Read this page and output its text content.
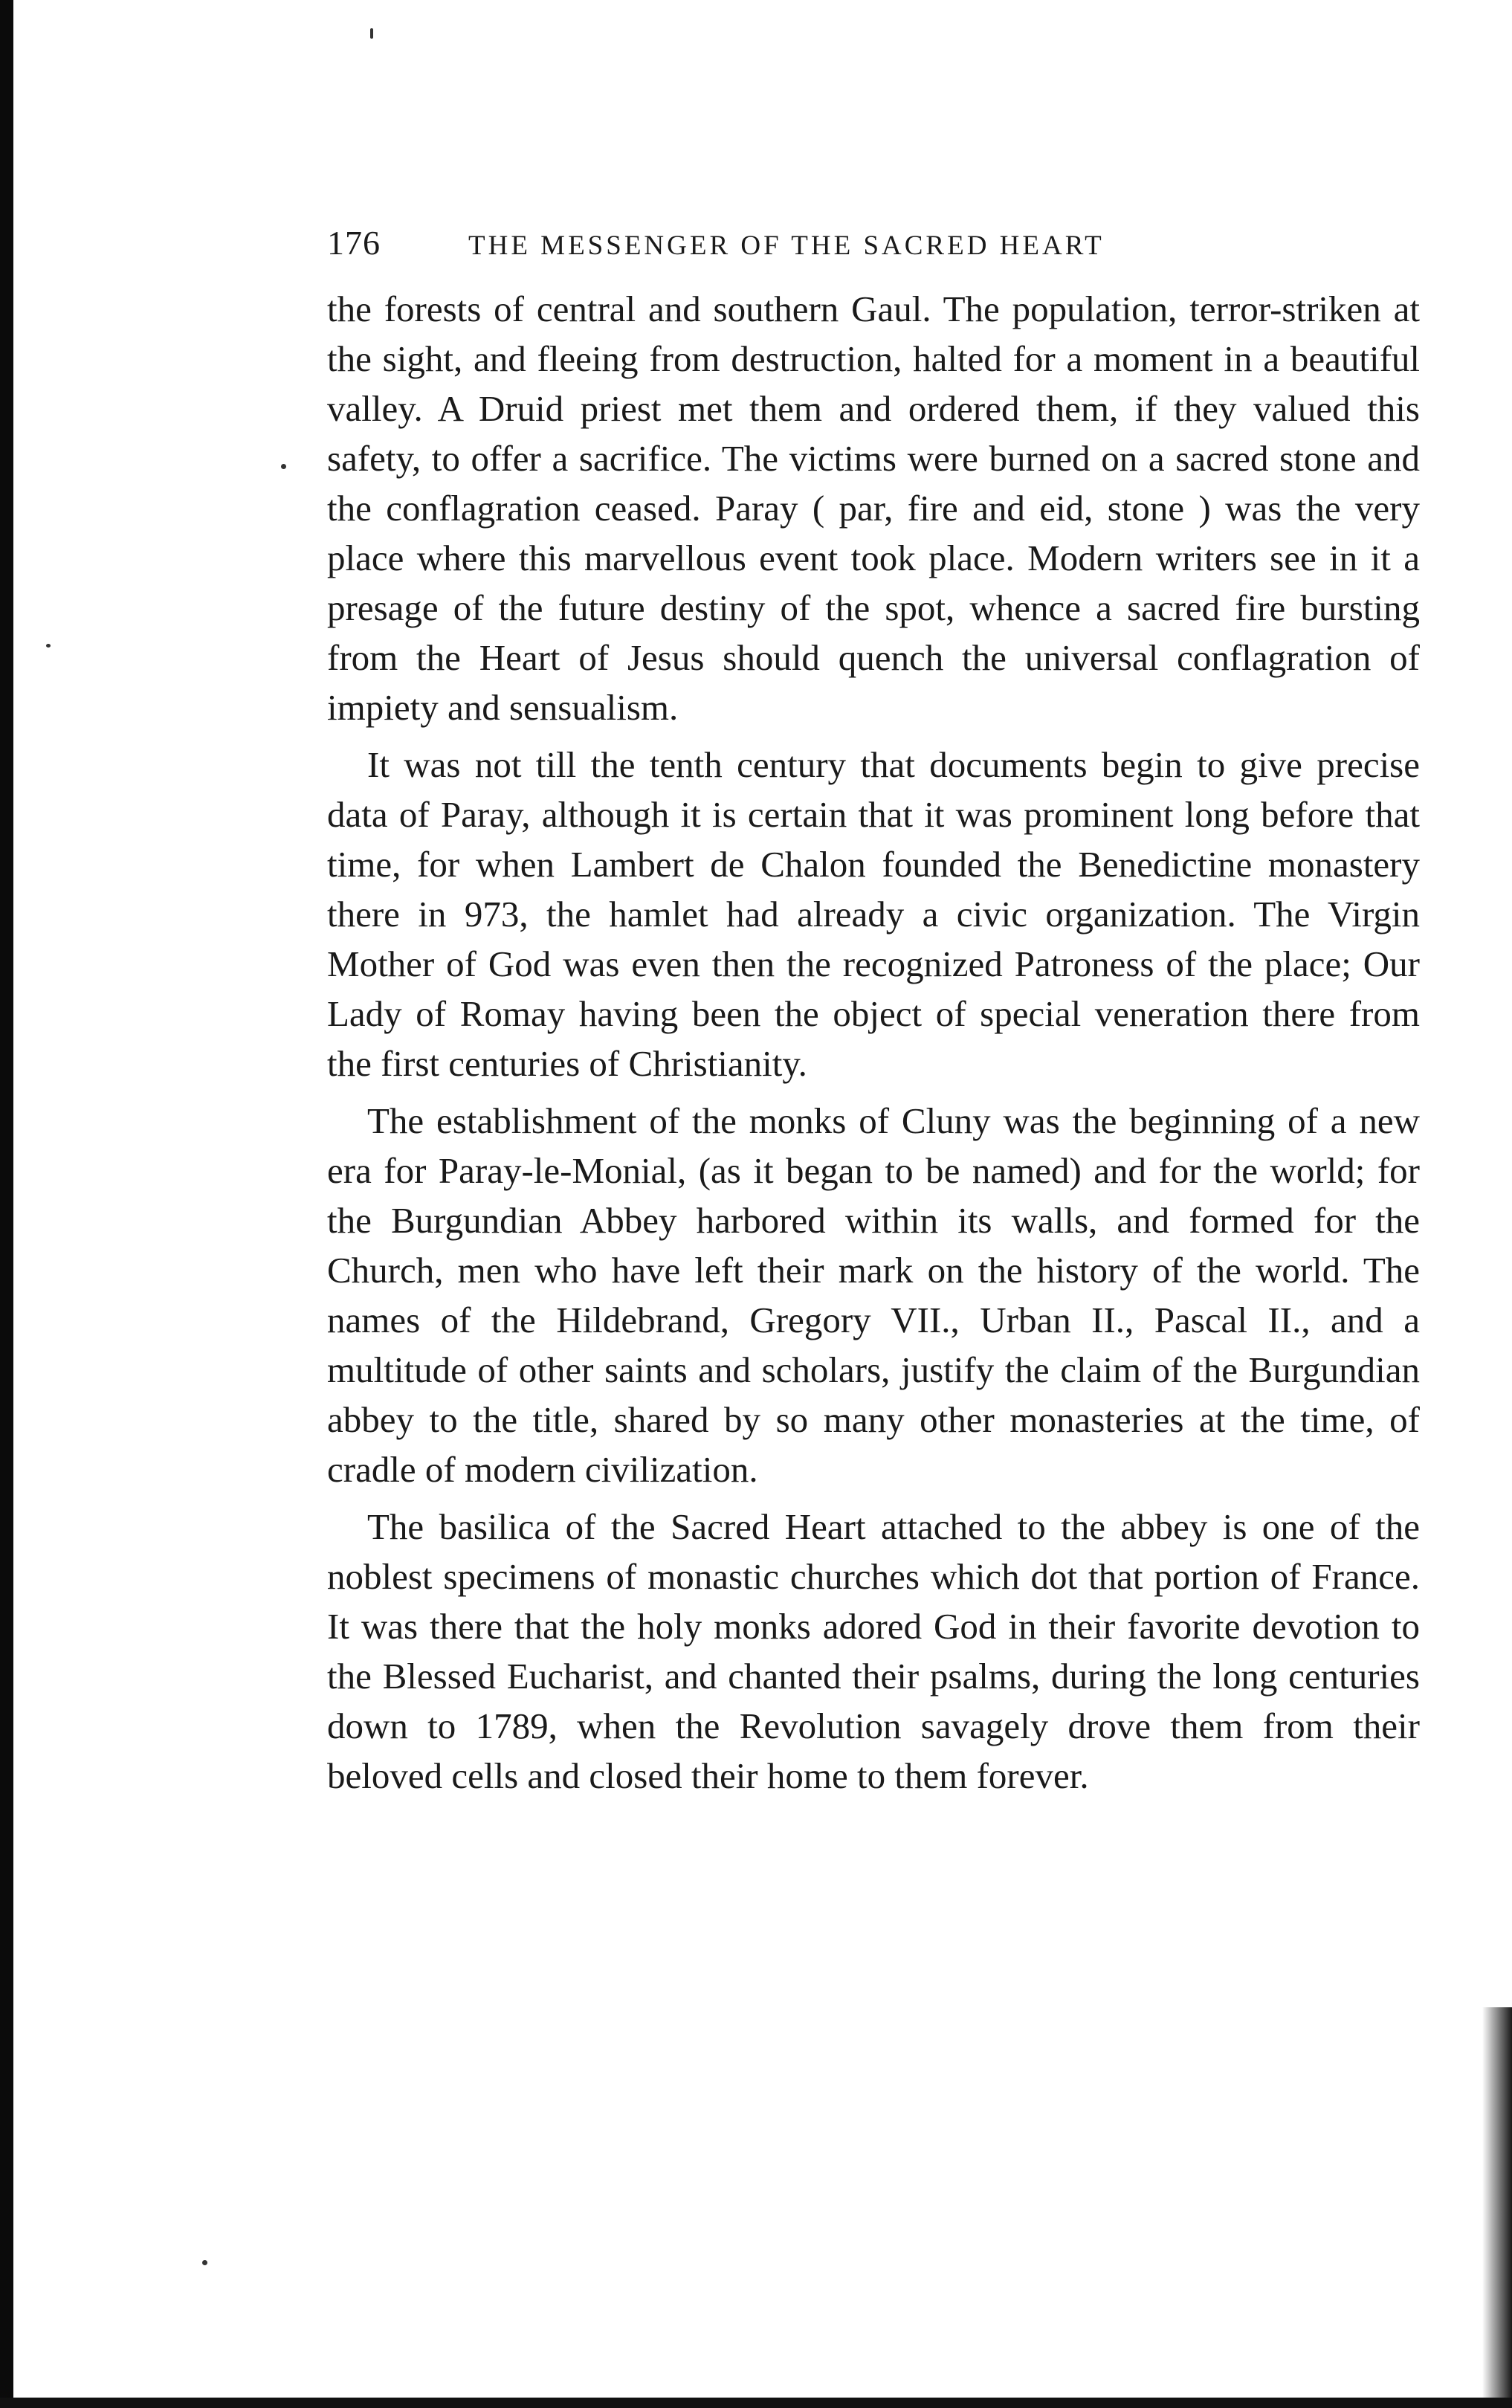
176	THE MESSENGER OF THE SACRED HEART

the forests of central and southern Gaul. The population, terror-striken at the sight, and fleeing from destruction, halted for a moment in a beautiful valley. A Druid priest met them and ordered them, if they valued this safety, to offer a sacrifice. The victims were burned on a sacred stone and the conflagration ceased. Paray ( par, fire and eid, stone ) was the very place where this marvellous event took place. Modern writers see in it a presage of the future destiny of the spot, whence a sacred fire bursting from the Heart of Jesus should quench the universal conflagration of impiety and sensualism.

It was not till the tenth century that documents begin to give precise data of Paray, although it is certain that it was prominent long before that time, for when Lambert de Chalon founded the Benedictine monastery there in 973, the hamlet had already a civic organization. The Virgin Mother of God was even then the recognized Patroness of the place; Our Lady of Romay having been the object of special veneration there from the first centuries of Christianity.

The establishment of the monks of Cluny was the beginning of a new era for Paray-le-Monial, (as it began to be named) and for the world; for the Burgundian Abbey harbored within its walls, and formed for the Church, men who have left their mark on the history of the world. The names of the Hildebrand, Gregory VII., Urban II., Pascal II., and a multitude of other saints and scholars, justify the claim of the Burgundian abbey to the title, shared by so many other monasteries at the time, of cradle of modern civilization.

The basilica of the Sacred Heart attached to the abbey is one of the noblest specimens of monastic churches which dot that portion of France. It was there that the holy monks adored God in their favorite devotion to the Blessed Eucharist, and chanted their psalms, during the long centuries down to 1789, when the Revolution savagely drove them from their beloved cells and closed their home to them forever.
